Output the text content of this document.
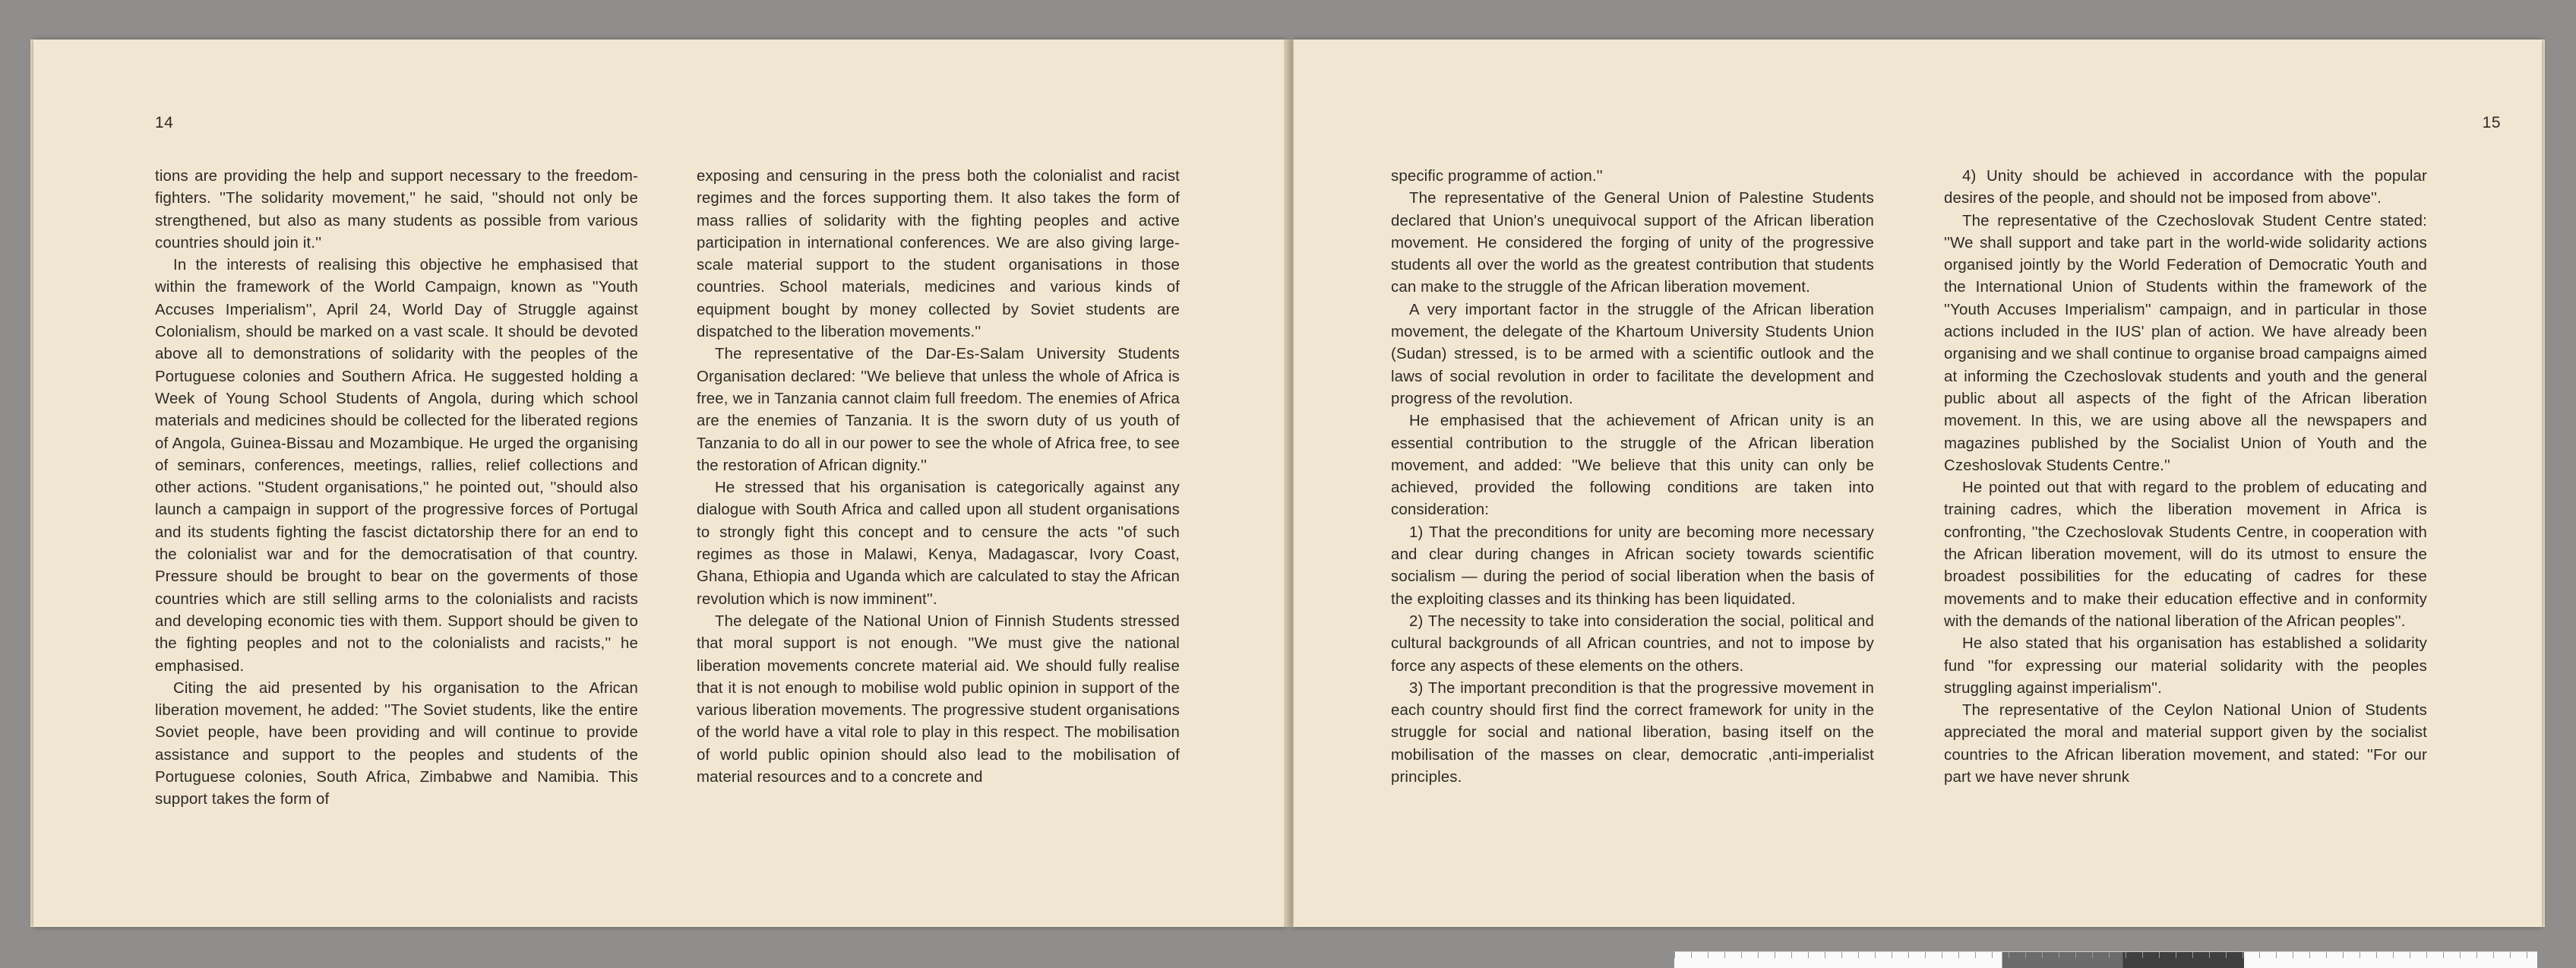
14

tions are providing the help and support necessary to the freedom-fighters. ''The solidarity movement,'' he said, ''should not only be strengthened, but also as many students as possible from various countries should join it.''

In the interests of realising this objective he emphasised that within the framework of the World Campaign, known as ''Youth Accuses Imperialism'', April 24, World Day of Struggle against Colonialism, should be marked on a vast scale. It should be devoted above all to demonstrations of solidarity with the peoples of the Portuguese colonies and Southern Africa. He suggested holding a Week of Young School Students of Angola, during which school materials and medicines should be collected for the liberated regions of Angola, Guinea-Bissau and Mozambique. He urged the organising of seminars, conferences, meetings, rallies, relief collections and other actions. ''Student organisations,'' he pointed out, ''should also launch a campaign in support of the progressive forces of Portugal and its students fighting the fascist dictatorship there for an end to the colonialist war and for the democratisation of that country. Pressure should be brought to bear on the goverments of those countries which are still selling arms to the colonialists and racists and developing economic ties with them. Support should be given to the fighting peoples and not to the colonialists and racists,'' he emphasised.

Citing the aid presented by his organisation to the African liberation movement, he added: ''The Soviet students, like the entire Soviet people, have been providing and will continue to provide assistance and support to the peoples and students of the Portuguese colonies, South Africa, Zimbabwe and Namibia. This support takes the form of

exposing and censuring in the press both the colonialist and racist regimes and the forces supporting them. It also takes the form of mass rallies of solidarity with the fighting peoples and active participation in international conferences. We are also giving large-scale material support to the student organisations in those countries. School materials, medicines and various kinds of equipment bought by money collected by Soviet students are dispatched to the liberation movements.''

The representative of the Dar-Es-Salam University Students Organisation declared: ''We believe that unless the whole of Africa is free, we in Tanzania cannot claim full freedom. The enemies of Africa are the enemies of Tanzania. It is the sworn duty of us youth of Tanzania to do all in our power to see the whole of Africa free, to see the restoration of African dignity.''

He stressed that his organisation is categorically against any dialogue with South Africa and called upon all student organisations to strongly fight this concept and to censure the acts ''of such regimes as those in Malawi, Kenya, Madagascar, Ivory Coast, Ghana, Ethiopia and Uganda which are calculated to stay the African revolution which is now imminent''.

The delegate of the National Union of Finnish Students stressed that moral support is not enough. ''We must give the national liberation movements concrete material aid. We should fully realise that it is not enough to mobilise wold public opinion in support of the various liberation movements. The progressive student organisations of the world have a vital role to play in this respect. The mobilisation of world public opinion should also lead to the mobilisation of material resources and to a concrete and

15

specific programme of action.''

The representative of the General Union of Palestine Students declared that Union's unequivocal support of the African liberation movement. He considered the forging of unity of the progressive students all over the world as the greatest contribution that students can make to the struggle of the African liberation movement.

A very important factor in the struggle of the African liberation movement, the delegate of the Khartoum University Students Union (Sudan) stressed, is to be armed with a scientific outlook and the laws of social revolution in order to facilitate the development and progress of the revolution.

He emphasised that the achievement of African unity is an essential contribution to the struggle of the African liberation movement, and added: ''We believe that this unity can only be achieved, provided the following conditions are taken into consideration:

1) That the preconditions for unity are becoming more necessary and clear during changes in African society towards scientific socialism — during the period of social liberation when the basis of the exploiting classes and its thinking has been liquidated.

2) The necessity to take into consideration the social, political and cultural backgrounds of all African countries, and not to impose by force any aspects of these elements on the others.

3) The important precondition is that the progressive movement in each country should first find the correct framework for unity in the struggle for social and national liberation, basing itself on the mobilisation of the masses on clear, democratic ,anti-imperialist principles.

4) Unity should be achieved in accordance with the popular desires of the people, and should not be imposed from above''.

The representative of the Czechoslovak Student Centre stated: ''We shall support and take part in the world-wide solidarity actions organised jointly by the World Federation of Democratic Youth and the International Union of Students within the framework of the ''Youth Accuses Imperialism'' campaign, and in particular in those actions included in the IUS' plan of action. We have already been organising and we shall continue to organise broad campaigns aimed at informing the Czechoslovak students and youth and the general public about all aspects of the fight of the African liberation movement. In this, we are using above all the newspapers and magazines published by the Socialist Union of Youth and the Czeshoslovak Students Centre.''

He pointed out that with regard to the problem of educating and training cadres, which the liberation movement in Africa is confronting, ''the Czechoslovak Students Centre, in cooperation with the African liberation movement, will do its utmost to ensure the broadest possibilities for the educating of cadres for these movements and to make their education effective and in conformity with the demands of the national liberation of the African peoples''.

He also stated that his organisation has established a solidarity fund ''for expressing our material solidarity with the peoples struggling against imperialism''.

The representative of the Ceylon National Union of Students appreciated the moral and material support given by the socialist countries to the African liberation movement, and stated: ''For our part we have never shrunk
